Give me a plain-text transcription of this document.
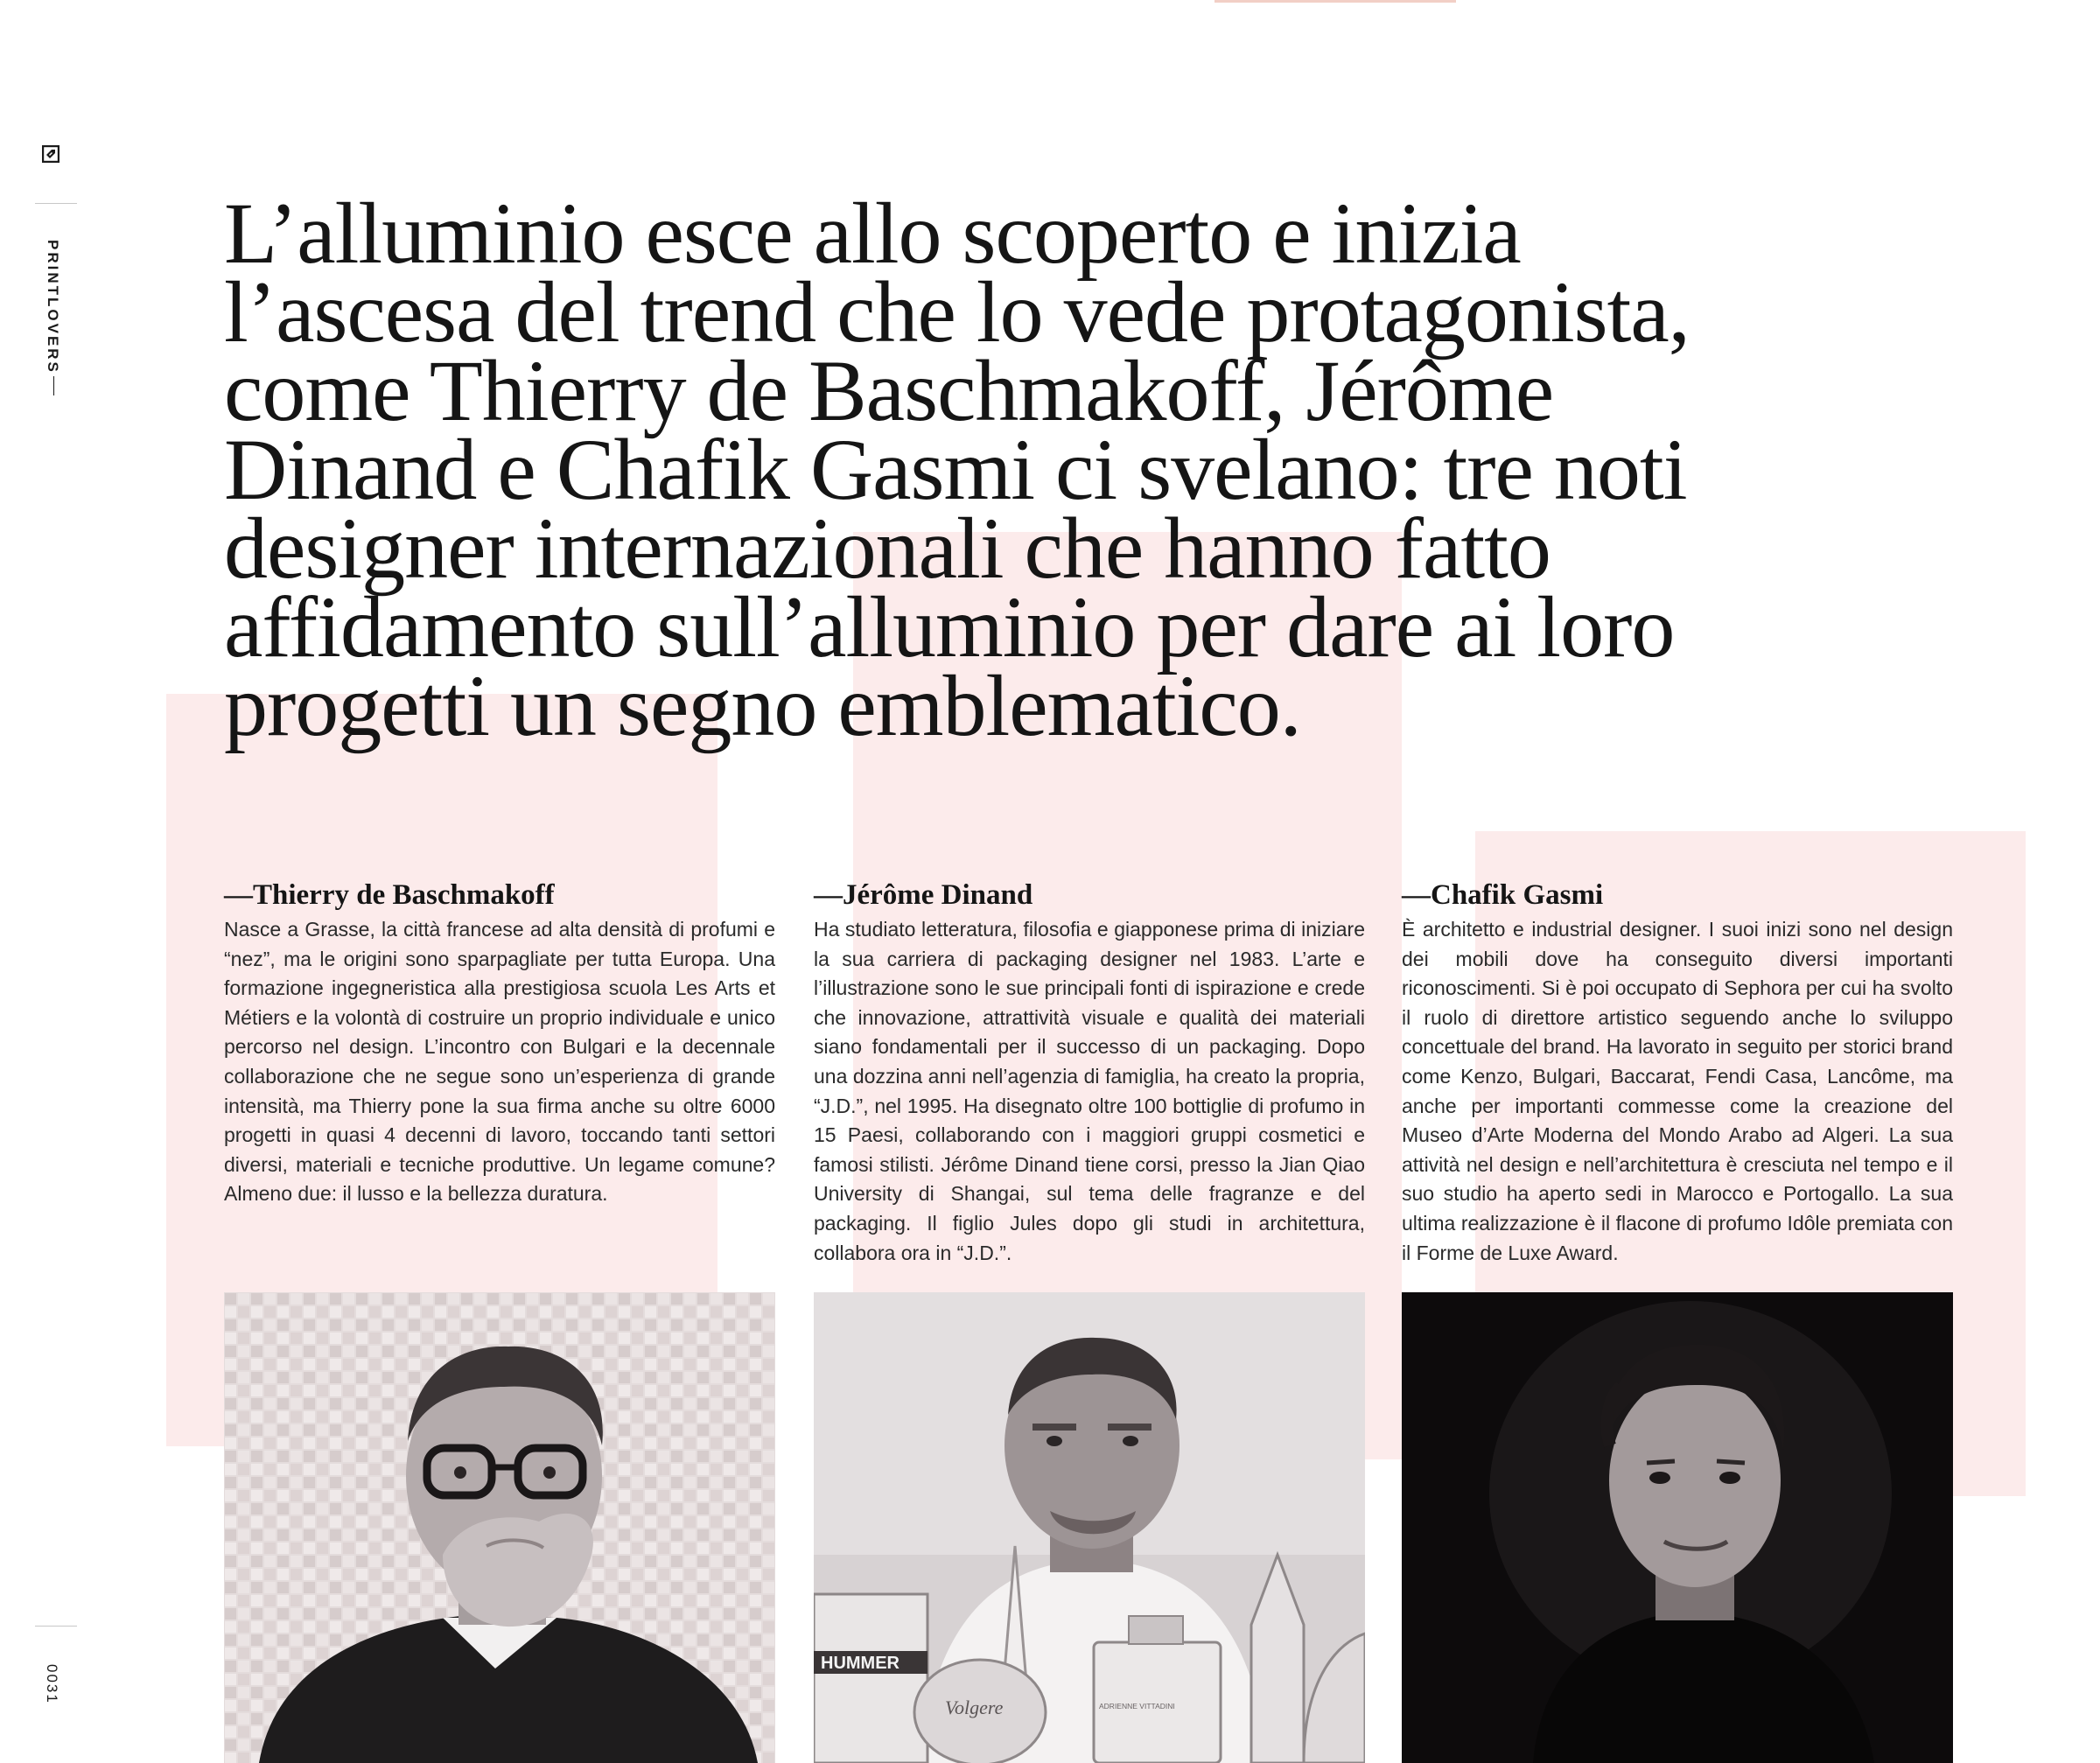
PRINTLOVERS
0031
L’alluminio esce allo scoperto e inizia
l’ascesa del trend che lo vede protagonista,
come Thierry de Baschmakoff, Jérôme
Dinand e Chafik Gasmi ci svelano: tre noti
designer internazionali che hanno fatto
affidamento sull’alluminio per dare ai loro
progetti un segno emblematico.
—Thierry de Baschmakoff

Nasce a Grasse, la città francese ad alta densità di profumi e “nez”, ma le origini sono sparpagliate per tutta Europa. Una formazione ingegneristica alla prestigiosa scuola Les Arts et Métiers e la volontà di costruire un proprio individuale e unico percorso nel design. L’incontro con Bulgari e la decennale collaborazione che ne segue sono un’esperienza di grande intensità, ma Thierry pone la sua firma anche su oltre 6000 progetti in quasi 4 decenni di lavoro, toccando tanti settori diversi, materiali e tecniche produttive. Un legame comune? Almeno due: il lusso e la bellezza duratura.

—Jérôme Dinand

Ha studiato letteratura, filosofia e giapponese prima di iniziare la sua carriera di packaging designer nel 1983. L’arte e l’illustrazione sono le sue principali fonti di ispirazione e crede che innovazione, attrattività visuale e qualità dei materiali siano fondamentali per il successo di un packaging. Dopo una dozzina anni nell’agenzia di famiglia, ha creato la propria, “J.D.”, nel 1995. Ha disegnato oltre 100 bottiglie di profumo in 15 Paesi, collaborando con i maggiori gruppi cosmetici e famosi stilisti. Jérôme Dinand tiene corsi, presso la Jian Qiao University di Shangai, sul tema delle fragranze e del packaging. Il figlio Jules dopo gli studi in architettura, collabora ora in “J.D.”.

—Chafik Gasmi

È architetto e industrial designer. I suoi inizi sono nel design dei mobili dove ha conseguito diversi importanti riconoscimenti. Si è poi occupato di Sephora per cui ha svolto il ruolo di direttore artistico seguendo anche lo sviluppo concettuale del brand. Ha lavorato in seguito per storici brand come Kenzo, Bulgari, Baccarat, Fendi Casa, Lancôme, ma anche per importanti commesse come la creazione del Museo d’Arte Moderna del Mondo Arabo ad Algeri. La sua attività nel design e nell’architettura è cresciuta nel tempo e il suo studio ha aperto sedi in Marocco e Portogallo. La sua ultima realizzazione è il flacone di profumo Idôle premiata con il Forme de Luxe Award.

HUMMER
Volgere	ADRIENNE VITTADINI
